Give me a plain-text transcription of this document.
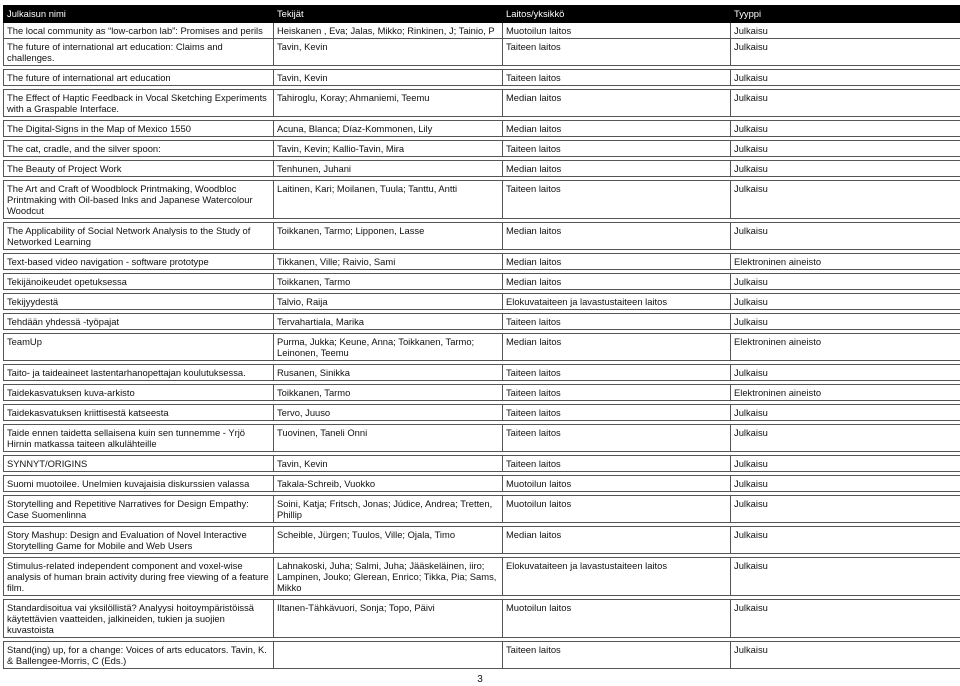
Julkaisun nimi	Tekijät	Laitos/yksikkö	Tyyppi
The local community as “low-carbon lab”: Promises and perils	Heiskanen , Eva; Jalas, Mikko; Rinkinen, J; Tainio, P	Muotoilun laitos	Julkaisu
The future of international art education: Claims and challenges.	Tavin, Kevin	Taiteen laitos	Julkaisu

The future of international art education	Tavin, Kevin	Taiteen laitos	Julkaisu

The Effect of Haptic Feedback in Vocal Sketching Experiments with a Graspable Interface.	Tahiroglu, Koray; Ahmaniemi, Teemu	Median laitos	Julkaisu

The Digital-Signs in the Map of Mexico 1550	Acuna, Blanca; Díaz-Kommonen, Lily	Median laitos	Julkaisu

The cat, cradle, and the silver spoon:	Tavin, Kevin; Kallio-Tavin, Mira	Taiteen laitos	Julkaisu

The Beauty of Project Work	Tenhunen, Juhani	Median laitos	Julkaisu

The Art and Craft of Woodblock Printmaking, Woodbloc Printmaking with Oil-based Inks and Japanese Watercolour Woodcut	Laitinen, Kari; Moilanen, Tuula; Tanttu, Antti	Taiteen laitos	Julkaisu

The Applicability of Social Network Analysis to the Study of Networked Learning	Toikkanen, Tarmo; Lipponen, Lasse	Median laitos	Julkaisu

Text-based video navigation - software prototype	Tikkanen, Ville; Raivio, Sami	Median laitos	Elektroninen aineisto

Tekijänoikeudet opetuksessa	Toikkanen, Tarmo	Median laitos	Julkaisu

Tekijyydestä	Talvio, Raija	Elokuvataiteen ja lavastustaiteen laitos	Julkaisu

Tehdään yhdessä -työpajat	Tervahartiala, Marika	Taiteen laitos	Julkaisu

TeamUp	Purma, Jukka; Keune, Anna; Toikkanen, Tarmo; Leinonen, Teemu	Median laitos	Elektroninen aineisto

Taito- ja taideaineet lastentarhanopettajan koulutuksessa.	Rusanen, Sinikka	Taiteen laitos	Julkaisu

Taidekasvatuksen kuva-arkisto	Toikkanen, Tarmo	Taiteen laitos	Elektroninen aineisto

Taidekasvatuksen kriittisestä katseesta	Tervo, Juuso	Taiteen laitos	Julkaisu

Taide ennen taidetta sellaisena kuin sen tunnemme - Yrjö Hirnin matkassa taiteen alkulähteille	Tuovinen, Taneli Onni	Taiteen laitos	Julkaisu

SYNNYT/ORIGINS	Tavin, Kevin	Taiteen laitos	Julkaisu

Suomi muotoilee. Unelmien kuvajaisia diskurssien valassa	Takala-Schreib, Vuokko	Muotoilun laitos	Julkaisu

Storytelling and Repetitive Narratives for Design Empathy: Case Suomenlinna	Soini, Katja; Fritsch, Jonas; Júdice, Andrea; Tretten, Phillip	Muotoilun laitos	Julkaisu

Story Mashup: Design and Evaluation of Novel Interactive Storytelling Game for Mobile and Web Users	Scheible, Jürgen; Tuulos, Ville; Ojala, Timo	Median laitos	Julkaisu

Stimulus-related independent component and voxel-wise analysis of human brain activity during free viewing of a feature film.	Lahnakoski, Juha; Salmi, Juha; Jääskeläinen, iiro; Lampinen, Jouko; Glerean, Enrico; Tikka, Pia; Sams, Mikko	Elokuvataiteen ja lavastustaiteen laitos	Julkaisu

Standardisoitua vai yksilöllistä? Analyysi hoitoympäristöissä käytettävien vaatteiden, jalkineiden, tukien ja suojien kuvastoista	Iltanen-Tähkävuori, Sonja; Topo, Päivi	Muotoilun laitos	Julkaisu

Stand(ing) up, for a change: Voices of arts educators. Tavin, K. & Ballengee-Morris, C (Eds.)		Taiteen laitos	Julkaisu
3
